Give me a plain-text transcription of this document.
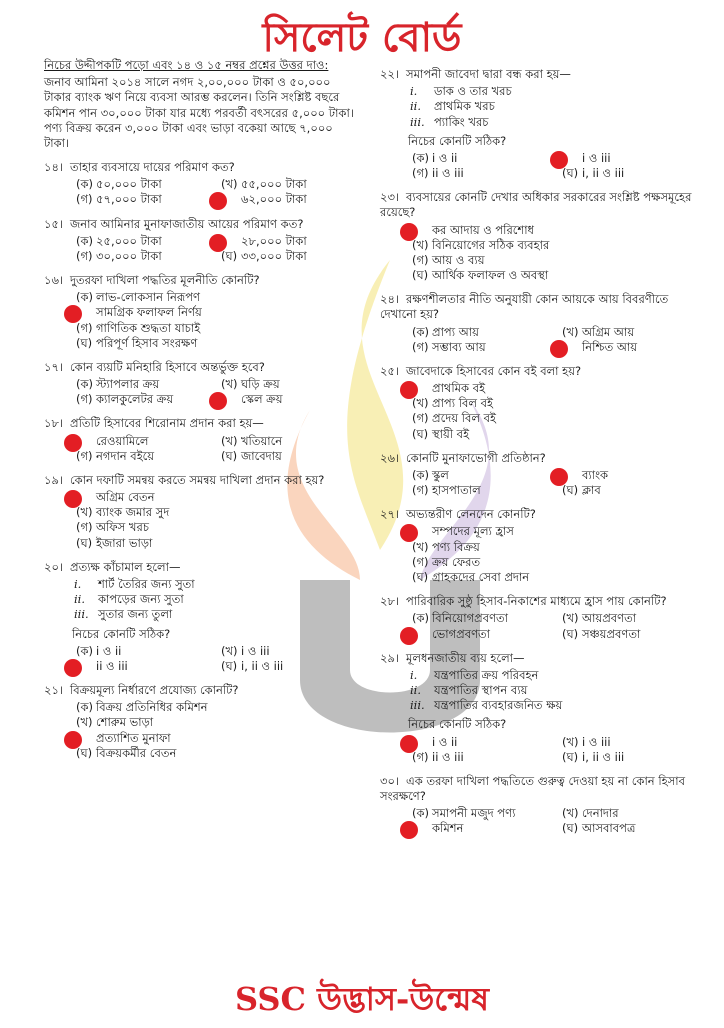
সিলেট বোর্ড
নিচের উদ্দীপকটি পড়ো এবং ১৪ ও ১৫ নম্বর প্রশ্নের উত্তর দাও:
জনাব আমিনা ২০১৪ সালে নগদ ২,০০,০০০ টাকা ও ৫০,০০০ টাকার ব্যাংক ঋণ নিয়ে ব্যবসা আরম্ভ করলেন। তিনি সংশ্লিষ্ট বছরে কমিশন পান ৩০,০০০ টাকা যার মধ্যে পরবর্তী বৎসরের ৫,০০০ টাকা। পণ্য বিক্রয় করেন ৩,০০০ টাকা এবং ভাড়া বকেয়া আছে ৭,০০০ টাকা।
১৪। তাহার ব্যবসায়ে দায়ের পরিমাণ কত?
(ক) ৫০,০০০ টাকা	(খ) ৫৫,০০০ টাকা
(গ) ৫৭,০০০ টাকা	৬২,০০০ টাকা
১৫। জনাব আমিনার মুনাফাজাতীয় আয়ের পরিমাণ কত?
(ক) ২৫,০০০ টাকা	২৮,০০০ টাকা
(গ) ৩০,০০০ টাকা	(ঘ) ৩৩,০০০ টাকা
১৬। দুতরফা দাখিলা পদ্ধতির মূলনীতি কোনটি?
(ক) লাভ-লোকসান নিরূপণ
সামগ্রিক ফলাফল নির্ণয়
(গ) গাণিতিক শুদ্ধতা যাচাই
(ঘ) পরিপূর্ণ হিসাব সংরক্ষণ
১৭। কোন ব্যয়টি মনিহারি হিসাবে অন্তর্ভুক্ত হবে?
(ক) স্ট্যাপলার ক্রয়	(খ) ঘড়ি ক্রয়
(গ) ক্যালকুলেটর ক্রয়	স্কেল ক্রয়
১৮। প্রতিটি হিসাবের শিরোনাম প্রদান করা হয়—
রেওয়ামিলে	(খ) খতিয়ানে
(গ) নগদান বইয়ে	(ঘ) জাবেদায়
১৯। কোন দফাটি সমন্বয় করতে সমন্বয় দাখিলা প্রদান করা হয়?
অগ্রিম বেতন
(খ) ব্যাংক জমার সুদ
(গ) অফিস খরচ
(ঘ) ইজারা ভাড়া
২০। প্রত্যক্ষ কাঁচামাল হলো—
i. শার্ট তৈরির জন্য সুতা
ii. কাপড়ের জন্য সুতা
iii. সুতার জন্য তুলা
নিচের কোনটি সঠিক?
(ক) i ও ii	(খ) i ও iii
ii ও iii	(ঘ) i, ii ও iii
২১। বিক্রয়মূল্য নির্ধারণে প্রযোজ্য কোনটি?
(ক) বিক্রয় প্রতিনিধির কমিশন
(খ) শোরুম ভাড়া
প্রত্যাশিত মুনাফা
(ঘ) বিক্রয়কর্মীর বেতন
২২। সমাপনী জাবেদা দ্বারা বন্ধ করা হয়—
i. ডাক ও তার খরচ
ii. প্রাথমিক খরচ
iii. প্যাকিং খরচ
নিচের কোনটি সঠিক?
(ক) i ও ii	i ও iii
(গ) ii ও iii	(ঘ) i, ii ও iii
২৩। ব্যবসায়ের কোনটি দেখার অধিকার সরকারের সংশ্লিষ্ট পক্ষসমূহের রয়েছে?
কর আদায় ও পরিশোধ
(খ) বিনিয়োগের সঠিক ব্যবহার
(গ) আয় ও ব্যয়
(ঘ) আর্থিক ফলাফল ও অবস্থা
২৪। রক্ষণশীলতার নীতি অনুযায়ী কোন আয়কে আয় বিবরণীতে দেখানো হয়?
(ক) প্রাপ্য আয়	(খ) অগ্রিম আয়
(গ) সম্ভাব্য আয়	নিশ্চিত আয়
২৫। জাবেদাকে হিসাবের কোন বই বলা হয়?
প্রাথমিক বই
(খ) প্রাপ্য বিল বই
(গ) প্রদেয় বিল বই
(ঘ) স্থায়ী বই
২৬। কোনটি মুনাফাভোগী প্রতিষ্ঠান?
(ক) স্কুল	ব্যাংক
(গ) হাসপাতাল	(ঘ) ক্লাব
২৭। অভ্যন্তরীণ লেনদেন কোনটি?
সম্পদের মূল্য হ্রাস
(খ) পণ্য বিক্রয়
(গ) ক্রয় ফেরত
(ঘ) গ্রাহকদের সেবা প্রদান
২৮। পারিবারিক সুষ্ঠু হিসাব-নিকাশের মাধ্যমে হ্রাস পায় কোনটি?
(ক) বিনিয়োগপ্রবণতা	(খ) আয়প্রবণতা
ভোগপ্রবণতা	(ঘ) সঞ্চয়প্রবণতা
২৯। মূলধনজাতীয় ব্যয় হলো—
i. যন্ত্রপাতির ক্রয় পরিবহন
ii. যন্ত্রপাতির স্থাপন ব্যয়
iii. যন্ত্রপাতির ব্যবহারজনিত ক্ষয়
নিচের কোনটি সঠিক?
i ও ii	(খ) i ও iii
(গ) ii ও iii	(ঘ) i, ii ও iii
৩০। এক তরফা দাখিলা পদ্ধতিতে গুরুত্ব দেওয়া হয় না কোন হিসাব সংরক্ষণে?
(ক) সমাপনী মজুদ পণ্য	(খ) দেনাদার
কমিশন	(ঘ) আসবাবপত্র
SSC উদ্ভাস-উন্মেষ
